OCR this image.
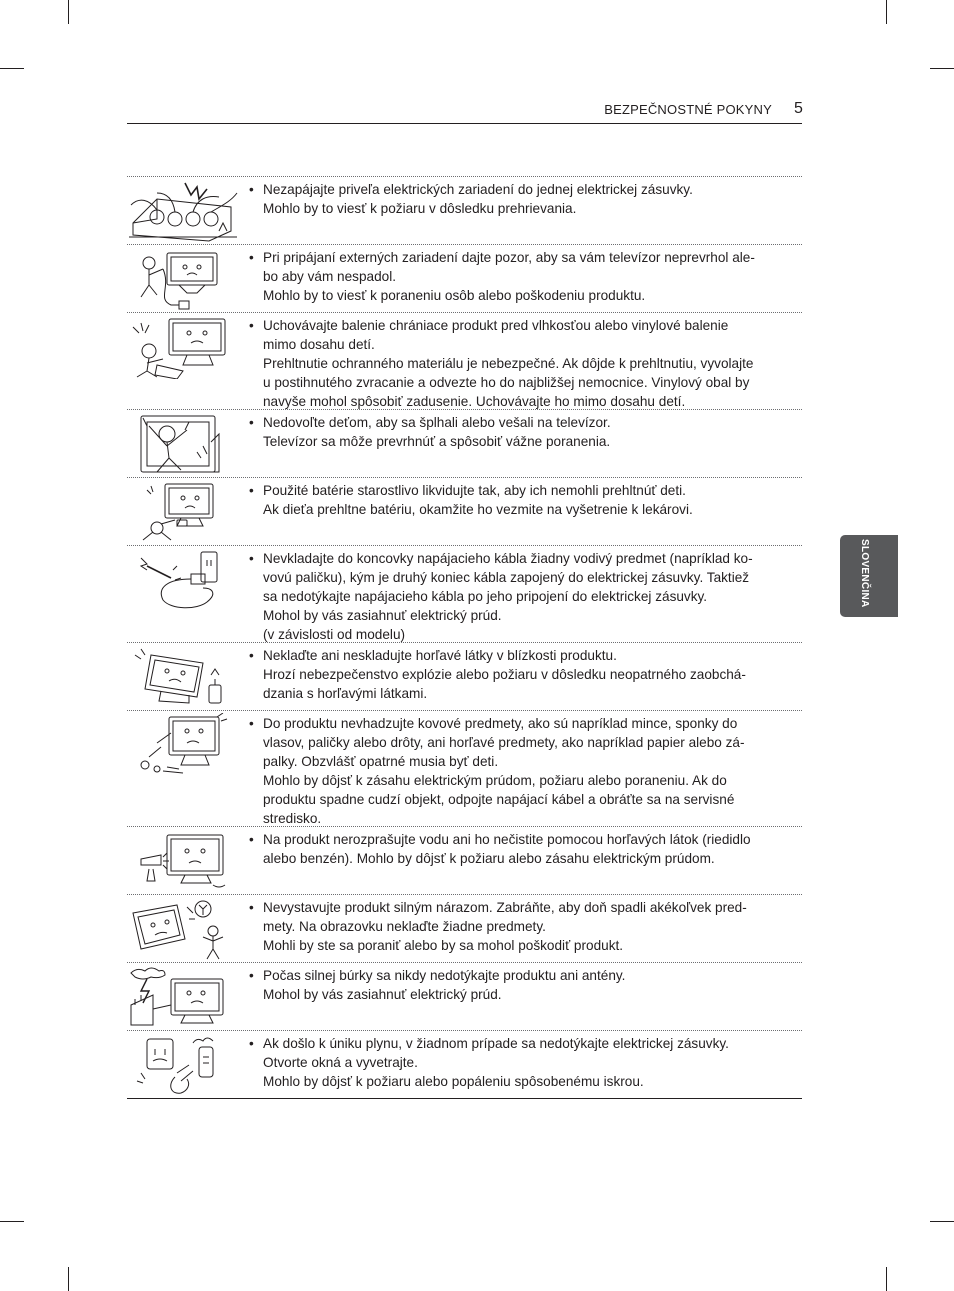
BEZPEČNOSTNÉ POKYNY 5
SLOVENČINA
• Nezapájajte priveľa elektrických zariadení do jednej elektrickej zásuvky.
Mohlo by to viesť k požiaru v dôsledku prehrievania.
• Pri pripájaní externých zariadení dajte pozor, aby sa vám televízor neprevrhol ale-
bo aby vám nespadol.
Mohlo by to viesť k poraneniu osôb alebo poškodeniu produktu.
• Uchovávajte balenie chrániace produkt pred vlhkosťou alebo vinylové balenie
mimo dosahu detí.
Prehltnutie ochranného materiálu je nebezpečné. Ak dôjde k prehltnutiu, vyvolajte
u postihnutého zvracanie a odvezte ho do najbližšej nemocnice. Vinylový obal by
navyše mohol spôsobiť zadusenie. Uchovávajte ho mimo dosahu detí.
• Nedovoľte deťom, aby sa šplhali alebo vešali na televízor.
Televízor sa môže prevrhnúť a spôsobiť vážne poranenia.
• Použité batérie starostlivo likvidujte tak, aby ich nemohli prehltnúť deti.
Ak dieťa prehltne batériu, okamžite ho vezmite na vyšetrenie k lekárovi.
• Nevkladajte do koncovky napájacieho kábla žiadny vodivý predmet (napríklad ko-
vovú paličku), kým je druhý koniec kábla zapojený do elektrickej zásuvky. Taktiež
sa nedotýkajte napájacieho kábla po jeho pripojení do elektrickej zásuvky.
Mohol by vás zasiahnuť elektrický prúd.
(v závislosti od modelu)
• Neklaďte ani neskladujte horľavé látky v blízkosti produktu.
Hrozí nebezpečenstvo explózie alebo požiaru v dôsledku neopatrného zaobchá-
dzania s horľavými látkami.
• Do produktu nevhadzujte kovové predmety, ako sú napríklad mince, sponky do
vlasov, paličky alebo drôty, ani horľavé predmety, ako napríklad papier alebo zá-
palky. Obzvlášť opatrné musia byť deti.
Mohlo by dôjsť k zásahu elektrickým prúdom, požiaru alebo poraneniu. Ak do
produktu spadne cudzí objekt, odpojte napájací kábel a obráťte sa na servisné
stredisko.
• Na produkt nerozprašujte vodu ani ho nečistite pomocou horľavých látok (riedidlo
alebo benzén). Mohlo by dôjsť k požiaru alebo zásahu elektrickým prúdom.
• Nevystavujte produkt silným nárazom. Zabráňte, aby doň spadli akékoľvek pred-
mety. Na obrazovku neklaďte žiadne predmety.
Mohli by ste sa poraniť alebo by sa mohol poškodiť produkt.
• Počas silnej búrky sa nikdy nedotýkajte produktu ani antény.
Mohol by vás zasiahnuť elektrický prúd.
• Ak došlo k úniku plynu, v žiadnom prípade sa nedotýkajte elektrickej zásuvky.
Otvorte okná a vyvetrajte.
Mohlo by dôjsť k požiaru alebo popáleniu spôsobenému iskrou.
